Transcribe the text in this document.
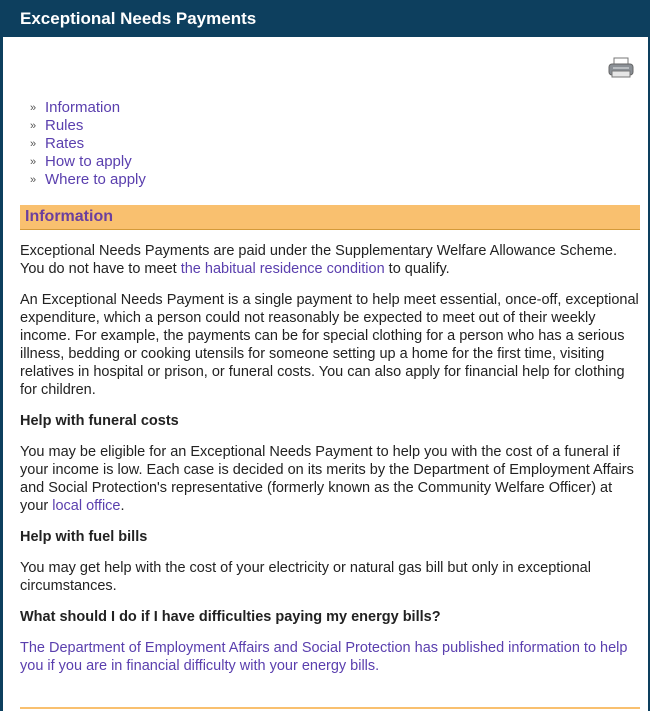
Exceptional Needs Payments
» Information
» Rules
» Rates
» How to apply
» Where to apply
Information

Exceptional Needs Payments are paid under the Supplementary Welfare Allowance Scheme. You do not have to meet the habitual residence condition to qualify.

An Exceptional Needs Payment is a single payment to help meet essential, once-off, exceptional expenditure, which a person could not reasonably be expected to meet out of their weekly income. For example, the payments can be for special clothing for a person who has a serious illness, bedding or cooking utensils for someone setting up a home for the first time, visiting relatives in hospital or prison, or funeral costs. You can also apply for financial help for clothing for children.

Help with funeral costs

You may be eligible for an Exceptional Needs Payment to help you with the cost of a funeral if your income is low. Each case is decided on its merits by the Department of Employment Affairs and Social Protection's representative (formerly known as the Community Welfare Officer) at your local office.

Help with fuel bills

You may get help with the cost of your electricity or natural gas bill but only in exceptional circumstances.

What should I do if I have difficulties paying my energy bills?

The Department of Employment Affairs and Social Protection has published information to help you if you are in financial difficulty with your energy bills.
